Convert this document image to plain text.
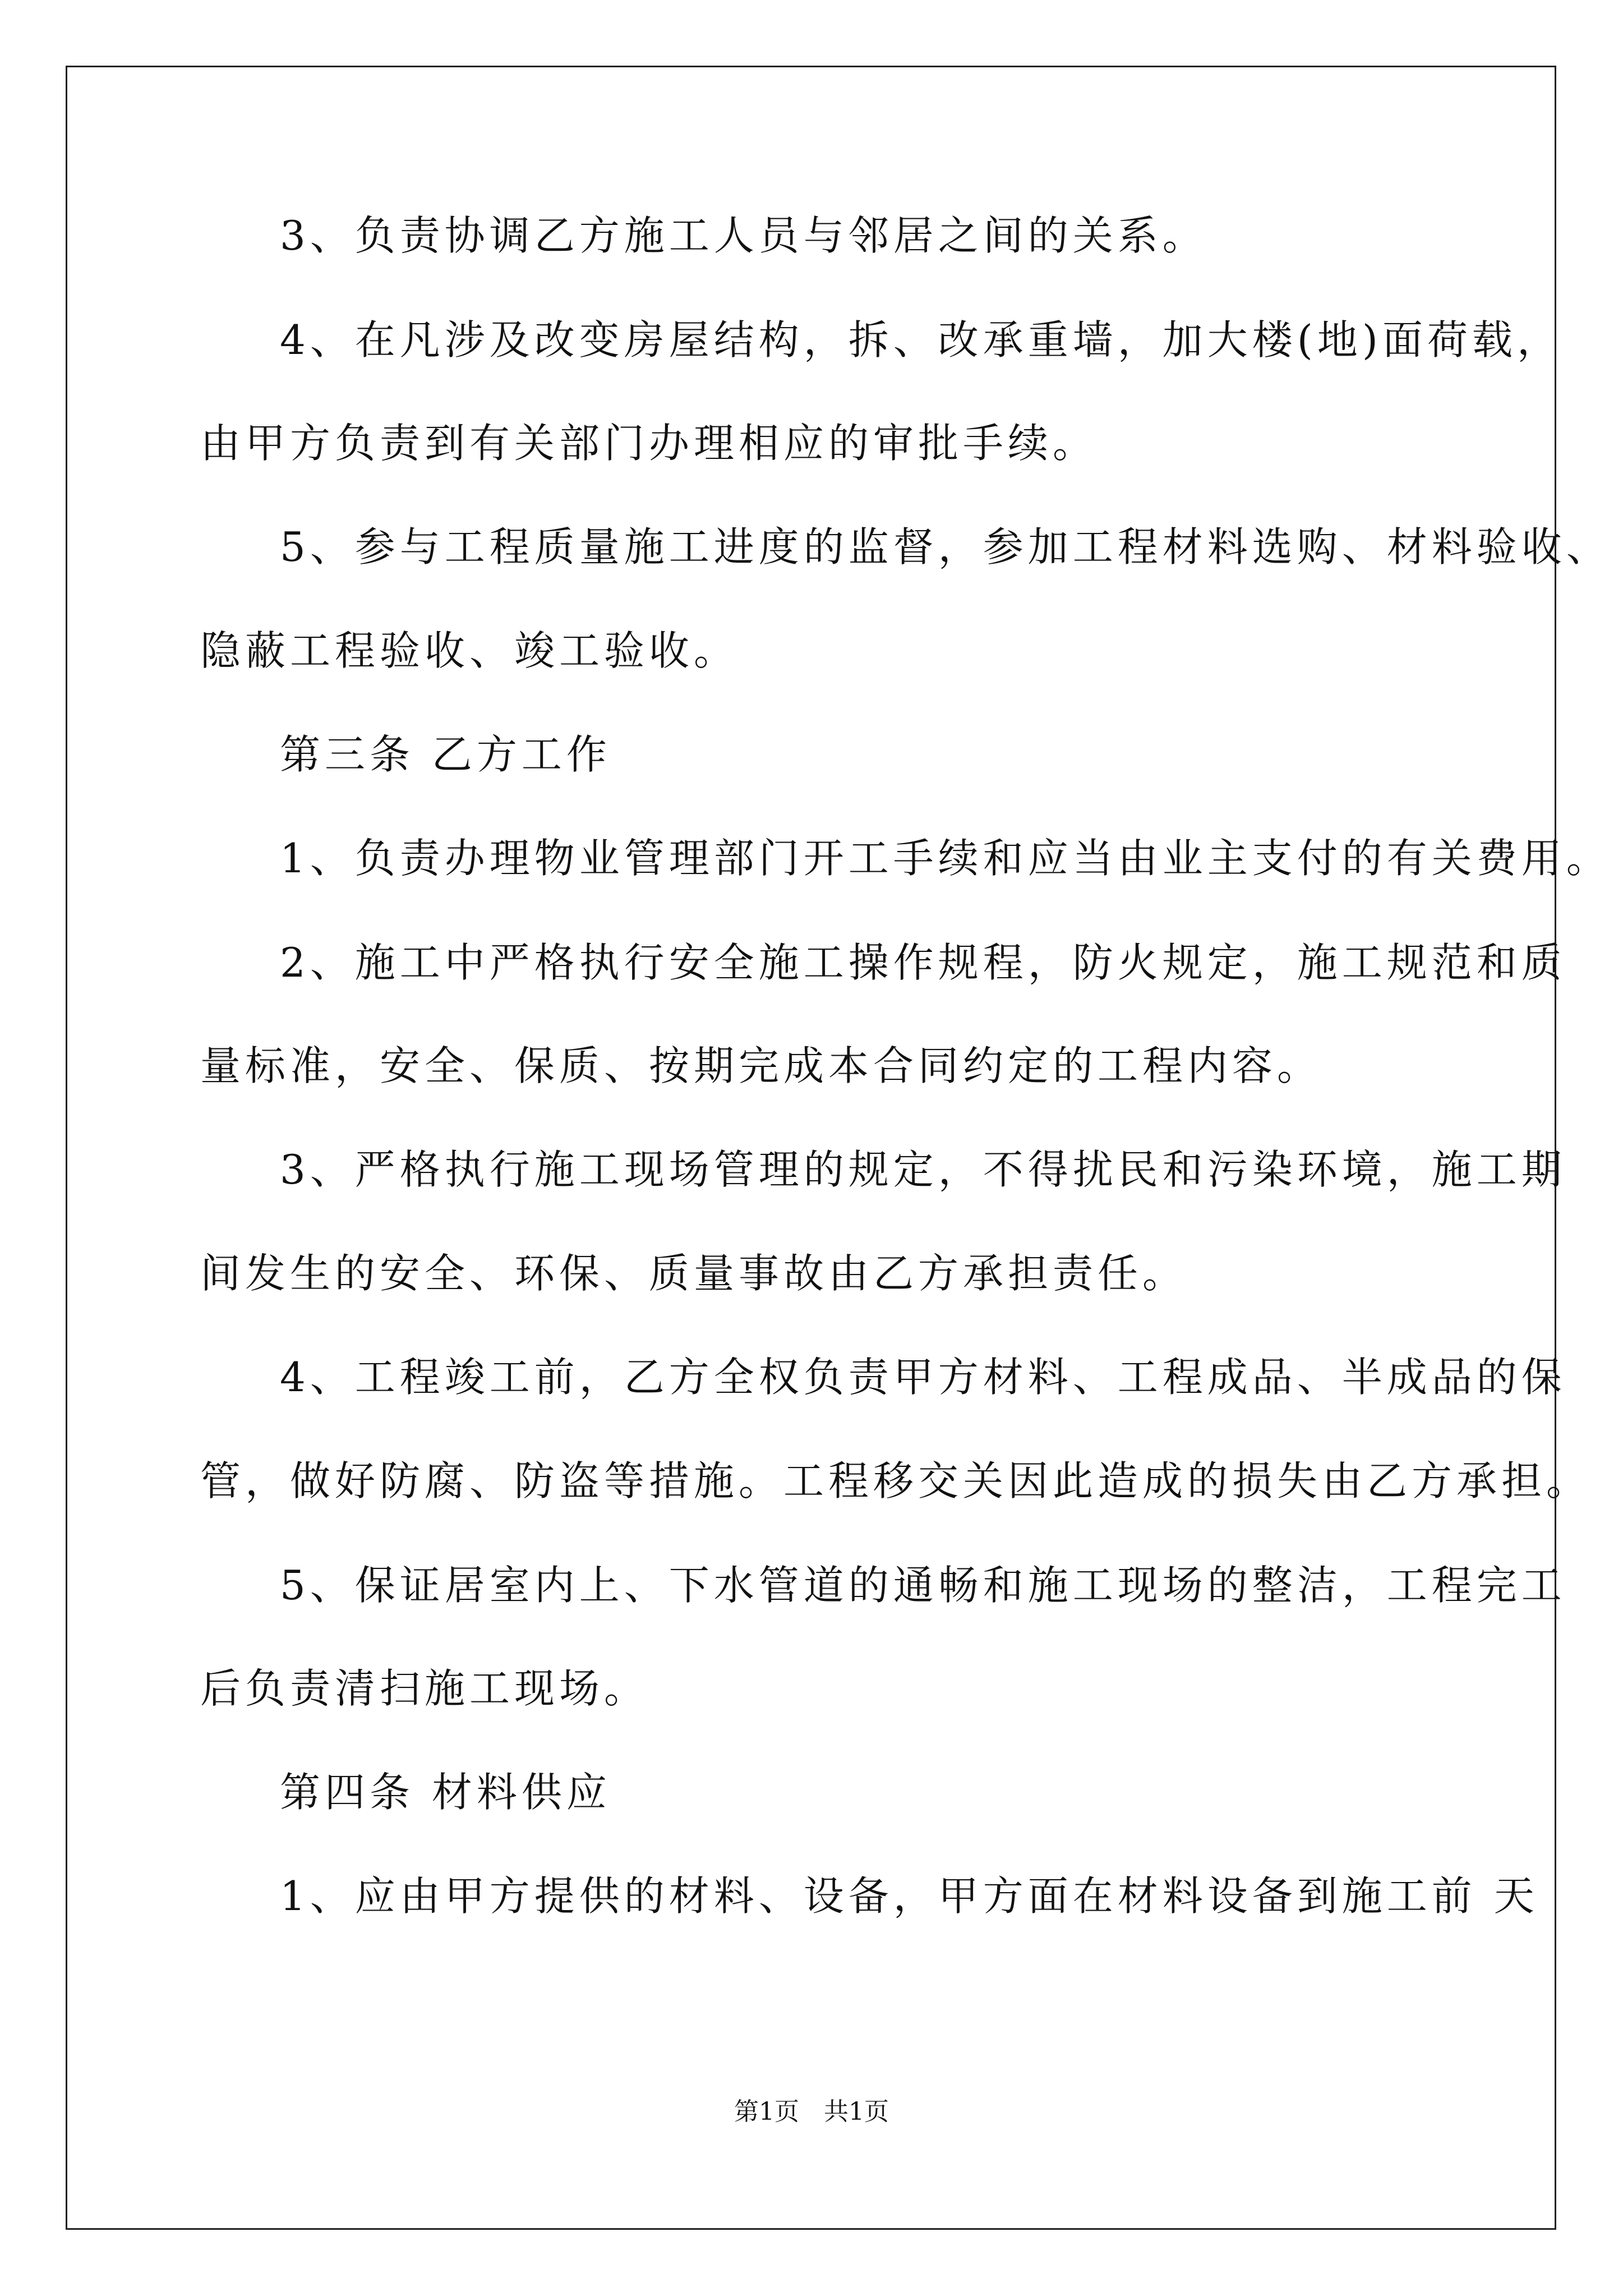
3、负责协调乙方施工人员与邻居之间的关系。
4、在凡涉及改变房屋结构，拆、改承重墙，加大楼(地)面荷载，
由甲方负责到有关部门办理相应的审批手续。
5、参与工程质量施工进度的监督，参加工程材料选购、材料验收、
隐蔽工程验收、竣工验收。
第三条 乙方工作
1、负责办理物业管理部门开工手续和应当由业主支付的有关费用。
2、施工中严格执行安全施工操作规程，防火规定，施工规范和质
量标准，安全、保质、按期完成本合同约定的工程内容。
3、严格执行施工现场管理的规定，不得扰民和污染环境，施工期
间发生的安全、环保、质量事故由乙方承担责任。
4、工程竣工前，乙方全权负责甲方材料、工程成品、半成品的保
管，做好防腐、防盗等措施。工程移交关因此造成的损失由乙方承担。
5、保证居室内上、下水管道的通畅和施工现场的整洁，工程完工
后负责清扫施工现场。
第四条 材料供应
1、应由甲方提供的材料、设备，甲方面在材料设备到施工前 天
第1页　共1页
